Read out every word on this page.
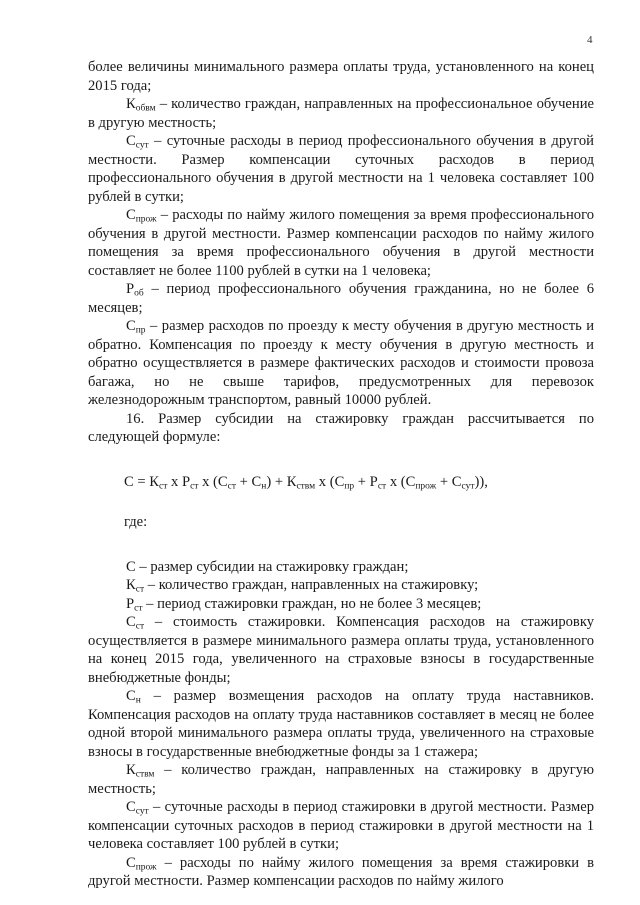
4

более величины минимального размера оплаты труда, установленного на конец 2015 года;

$К_{обвм}$ – количество граждан, направленных на профессиональное обучение в другую местность;

$С_{сут}$ – суточные расходы в период профессионального обучения в другой местности. Размер компенсации суточных расходов в период профессионального обучения в другой местности на 1 человека составляет 100 рублей в сутки;

$С_{прож}$ – расходы по найму жилого помещения за время профессионального обучения в другой местности. Размер компенсации расходов по найму жилого помещения за время профессионального обучения в другой местности составляет не более 1100 рублей в сутки на 1 человека;

$Р_{об}$ – период профессионального обучения гражданина, но не более 6 месяцев;

$С_{пр}$ – размер расходов по проезду к месту обучения в другую местность и обратно. Компенсация по проезду к месту обучения в другую местность и обратно осуществляется в размере фактических расходов и стоимости провоза багажа, но не свыше тарифов, предусмотренных для перевозок железнодорожным транспортом, равный 10000 рублей.

16. Размер субсидии на стажировку граждан рассчитывается по следующей формуле:

$С = К_{ст}$ х $Р_{ст}$ х $(С_{ст} + С_н) + К_{ствм}$ х ($С_{пр} + Р_{ст}$ х $(С_{прож} + С_{сут})$),

где:

С – размер субсидии на стажировку граждан;

$К_{ст}$ – количество граждан, направленных на стажировку;

$Р_{ст}$ – период стажировки граждан, но не более 3 месяцев;

$С_{ст}$ – стоимость стажировки. Компенсация расходов на стажировку осуществляется в размере минимального размера оплаты труда, установленного на конец 2015 года, увеличенного на страховые взносы в государственные внебюджетные фонды;

$С_н$ – размер возмещения расходов на оплату труда наставников. Компенсация расходов на оплату труда наставников составляет в месяц не более одной второй минимального размера оплаты труда, увеличенного на страховые взносы в государственные внебюджетные фонды за 1 стажера;

$К_{ствм}$ – количество граждан, направленных на стажировку в другую местность;

$С_{сут}$ – суточные расходы в период стажировки в другой местности. Размер компенсации суточных расходов в период стажировки в другой местности на 1 человека составляет 100 рублей в сутки;

$С_{прож}$ – расходы по найму жилого помещения за время стажировки в другой местности. Размер компенсации расходов по найму жилого
